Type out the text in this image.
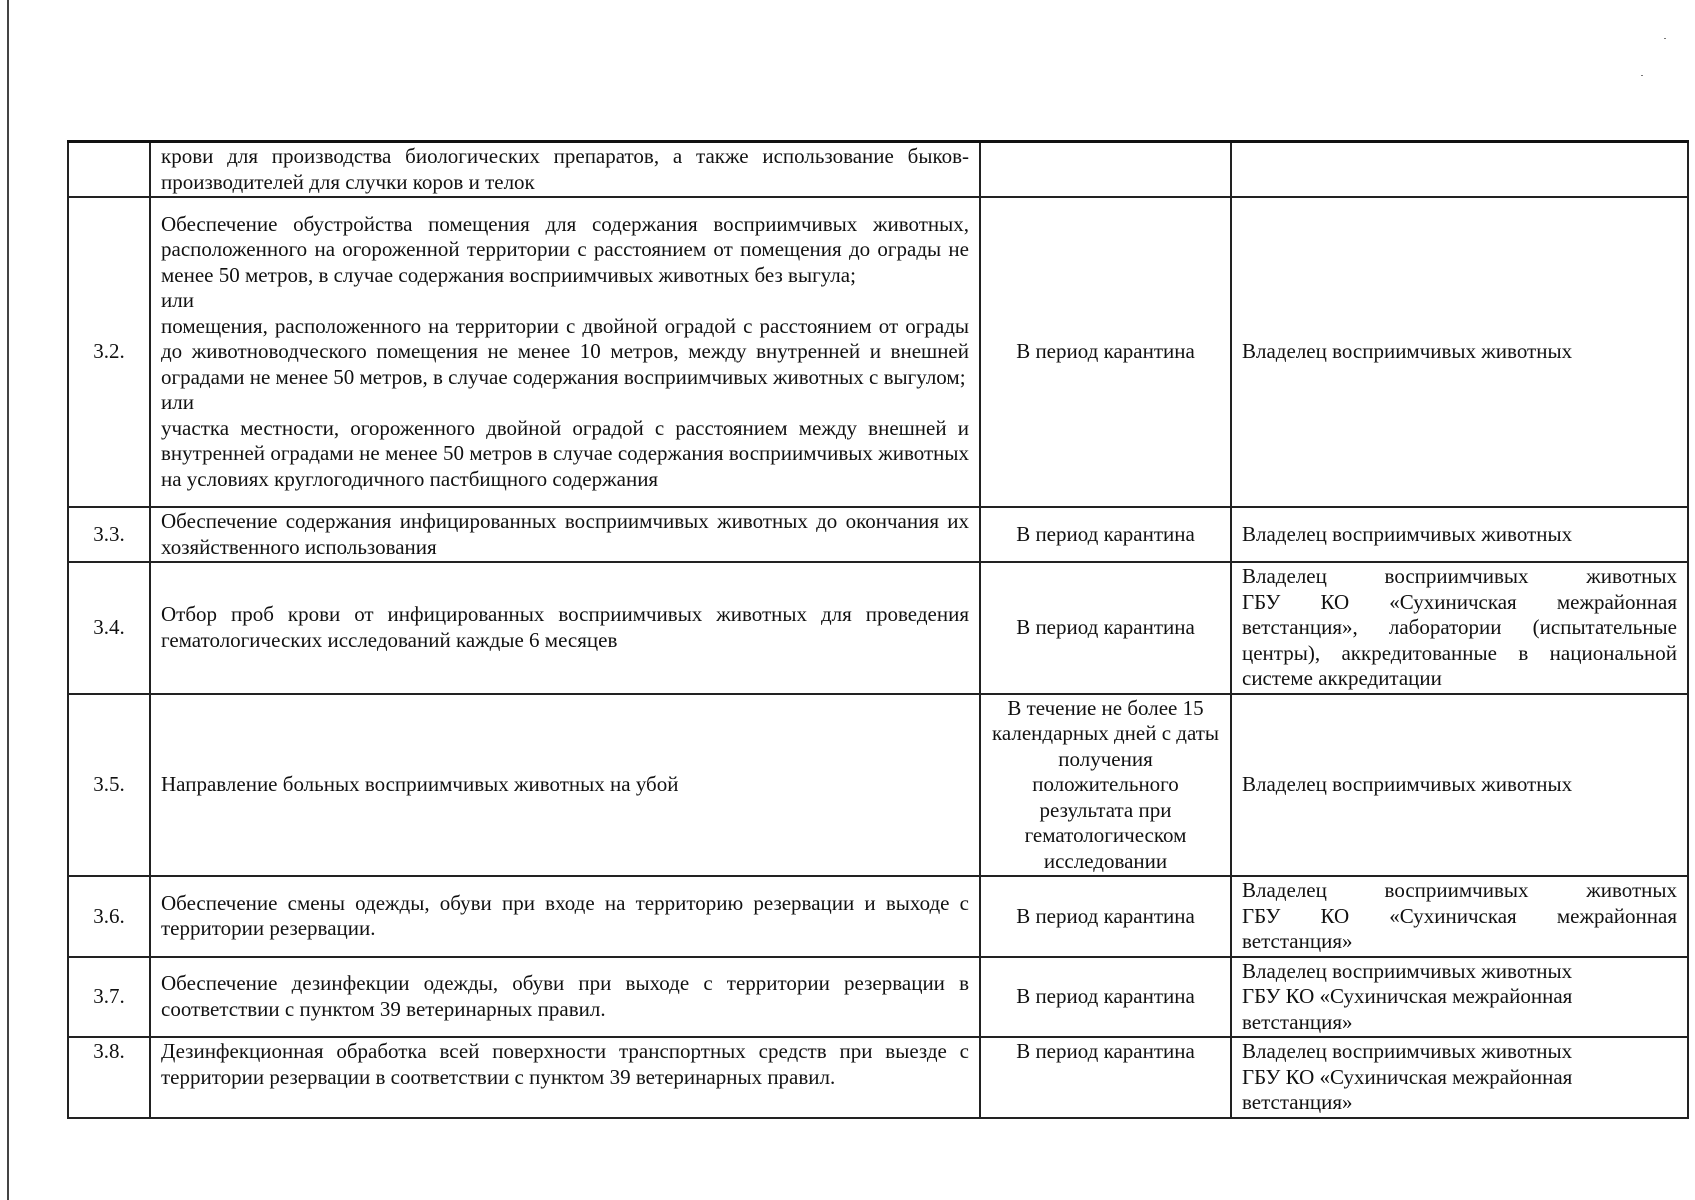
	крови для производства биологических препаратов, а также использование быков-производителей для случки коров и телок		

3.2.	Обеспечение обустройства помещения для содержания восприимчивых животных, расположенного на огороженной территории с расстоянием от помещения до ограды не менее 50 метров, в случае содержания восприимчивых животных без выгула;
или
помещения, расположенного на территории с двойной оградой с расстоянием от ограды до животноводческого помещения не менее 10 метров, между внутренней и внешней оградами не менее 50 метров, в случае содержания восприимчивых животных с выгулом;
или
участка местности, огороженного двойной оградой с расстоянием между внешней и внутренней оградами не менее 50 метров в случае содержания восприимчивых животных на условиях круглогодичного пастбищного содержания	В период карантина	Владелец восприимчивых животных

3.3.	Обеспечение содержания инфицированных восприимчивых животных до окончания их хозяйственного использования	В период карантина	Владелец восприимчивых животных

3.4.	Отбор проб крови от инфицированных восприимчивых животных для проведения гематологических исследований каждые 6 месяцев	В период карантина	Владелец восприимчивых животных
ГБУ КО «Сухиничская межрайонная ветстанция», лаборатории (испытательные центры), аккредитованные в национальной системе аккредитации

3.5.	Направление больных восприимчивых животных на убой	В течение не более 15 календарных дней с даты получения положительного результата при гематологическом исследовании	Владелец восприимчивых животных

3.6.	Обеспечение смены одежды, обуви при входе на территорию резервации и выходе с территории резервации.	В период карантина	Владелец восприимчивых животных
ГБУ КО «Сухиничская межрайонная ветстанция»

3.7.	Обеспечение дезинфекции одежды, обуви при выходе с территории резервации в соответствии с пунктом 39 ветеринарных правил.	В период карантина	Владелец восприимчивых животных
ГБУ КО «Сухиничская межрайонная ветстанция»

3.8.	Дезинфекционная обработка всей поверхности транспортных средств при выезде с территории резервации в соответствии с пунктом 39 ветеринарных правил.	В период карантина	Владелец восприимчивых животных
ГБУ КО «Сухиничская межрайонная ветстанция»
